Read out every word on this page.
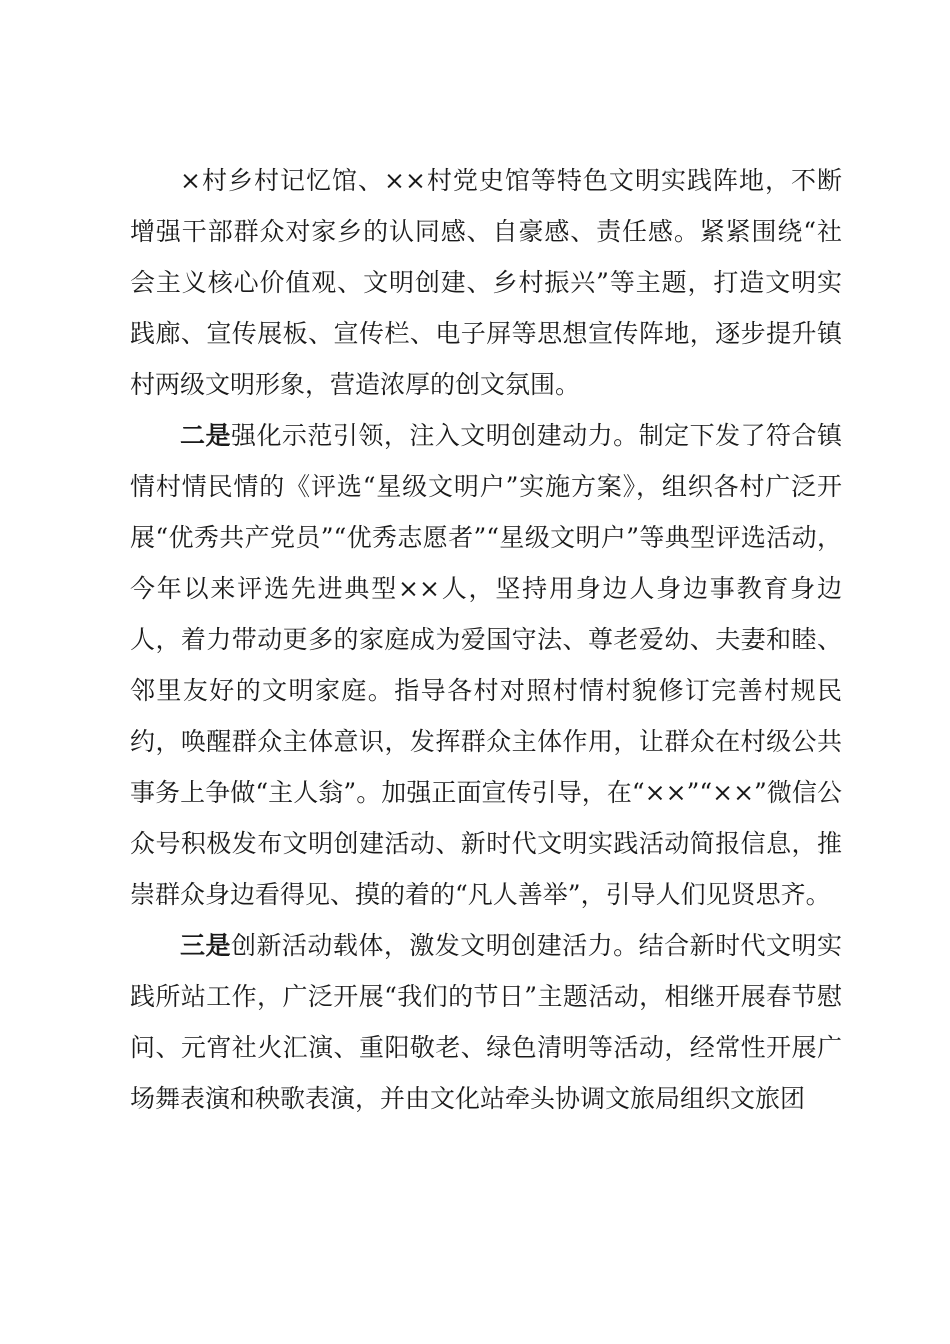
×村乡村记忆馆、××村党史馆等特色文明实践阵地，不断增强干部群众对家乡的认同感、自豪感、责任感。紧紧围绕“社会主义核心价值观、文明创建、乡村振兴”等主题，打造文明实践廊、宣传展板、宣传栏、电子屏等思想宣传阵地，逐步提升镇村两级文明形象，营造浓厚的创文氛围。

二是强化示范引领，注入文明创建动力。制定下发了符合镇情村情民情的《评选“星级文明户”实施方案》，组织各村广泛开展“优秀共产党员”“优秀志愿者”“星级文明户”等典型评选活动，今年以来评选先进典型××人，坚持用身边人身边事教育身边人，着力带动更多的家庭成为爱国守法、尊老爱幼、夫妻和睦、邻里友好的文明家庭。指导各村对照村情村貌修订完善村规民约，唤醒群众主体意识，发挥群众主体作用，让群众在村级公共事务上争做“主人翁”。加强正面宣传引导，在“××”“××”微信公众号积极发布文明创建活动、新时代文明实践活动简报信息，推崇群众身边看得见、摸的着的“凡人善举”，引导人们见贤思齐。

三是创新活动载体，激发文明创建活力。结合新时代文明实践所站工作，广泛开展“我们的节日”主题活动，相继开展春节慰问、元宵社火汇演、重阳敬老、绿色清明等活动，经常性开展广场舞表演和秧歌表演，并由文化站牵头协调文旅局组织文旅团
